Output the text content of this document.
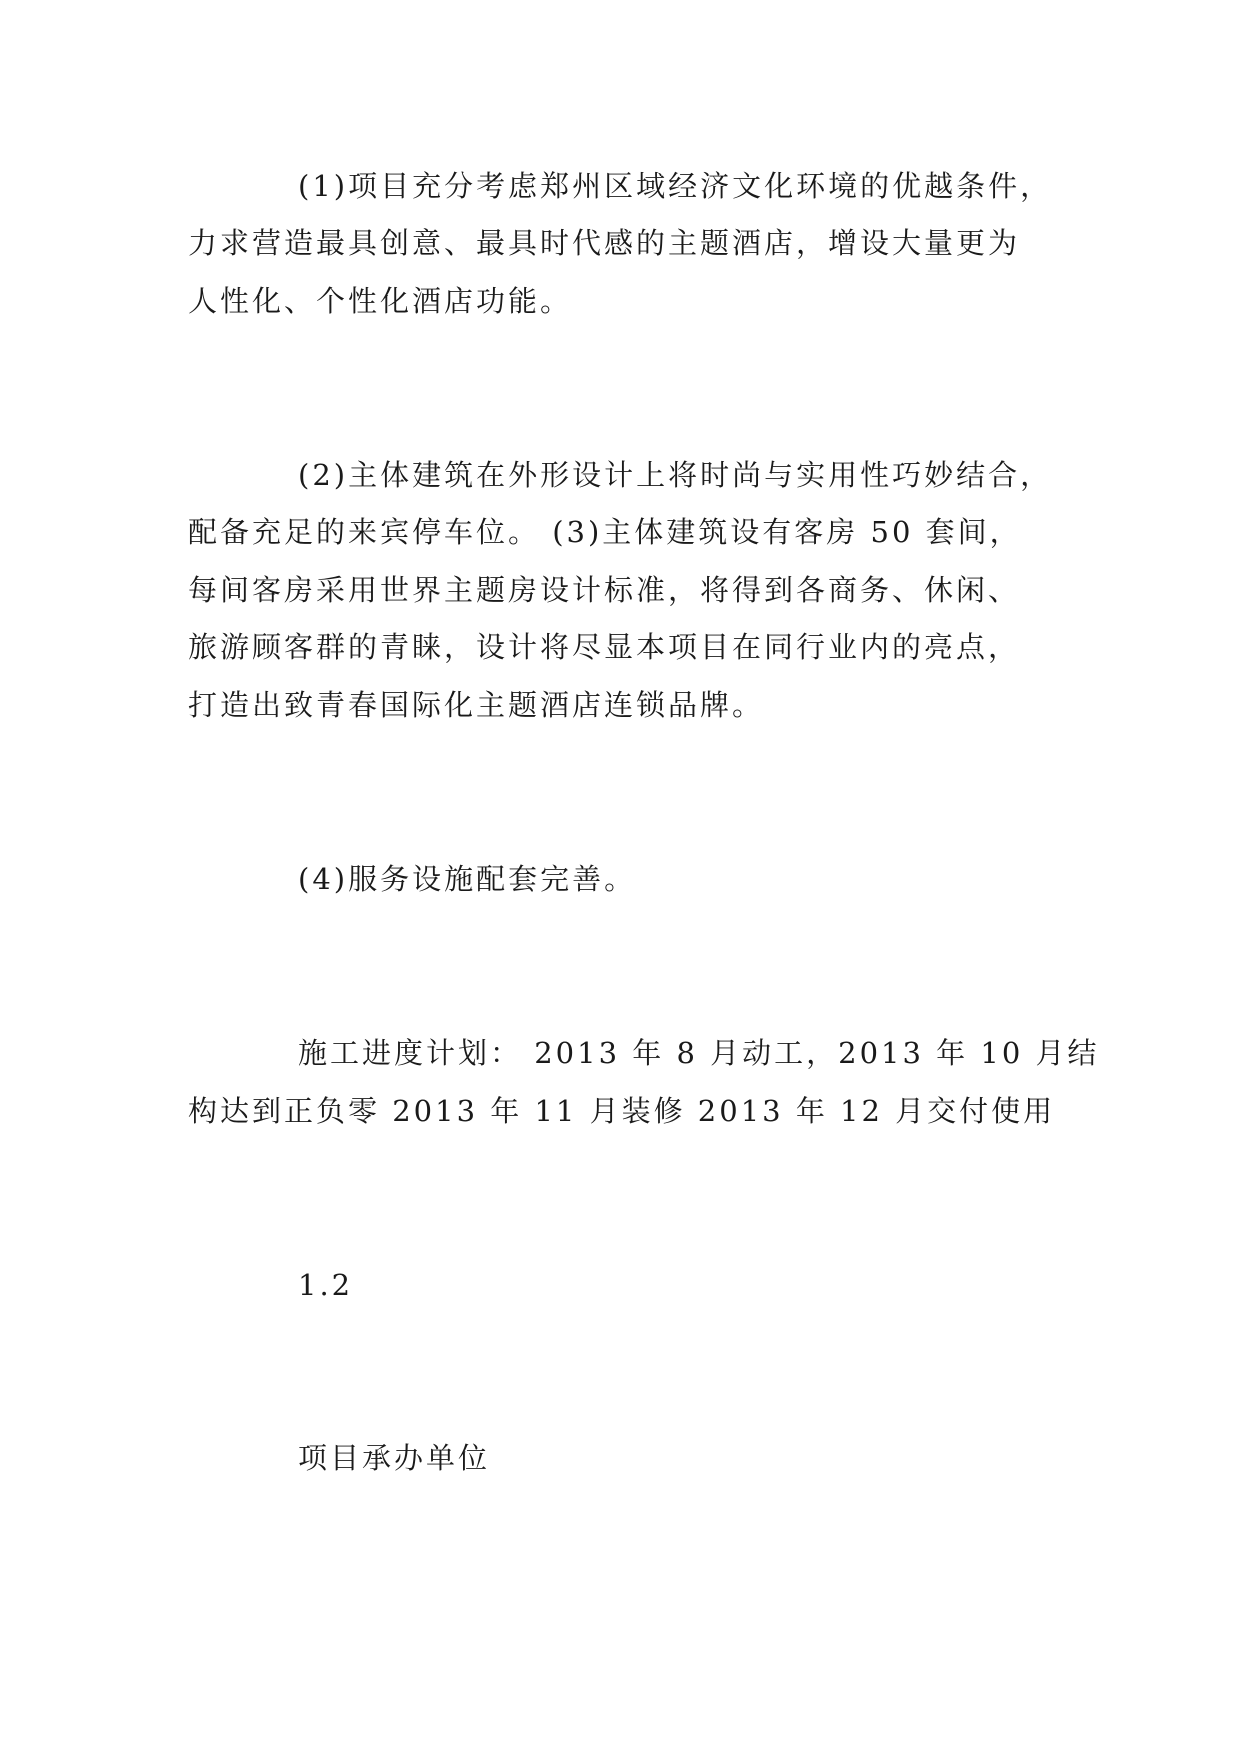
(1)项目充分考虑郑州区域经济文化环境的优越条件，
力求营造最具创意、最具时代感的主题酒店，增设大量更为
人性化、个性化酒店功能。
(2)主体建筑在外形设计上将时尚与实用性巧妙结合，
配备充足的来宾停车位。 (3)主体建筑设有客房 50 套间，
每间客房采用世界主题房设计标准，将得到各商务、休闲、
旅游顾客群的青睐，设计将尽显本项目在同行业内的亮点，
打造出致青春国际化主题酒店连锁品牌。
(4)服务设施配套完善。
施工进度计划： 2013 年 8 月动工，2013 年 10 月结
构达到正负零 2013 年 11 月装修 2013 年 12 月交付使用
1.2
项目承办单位
